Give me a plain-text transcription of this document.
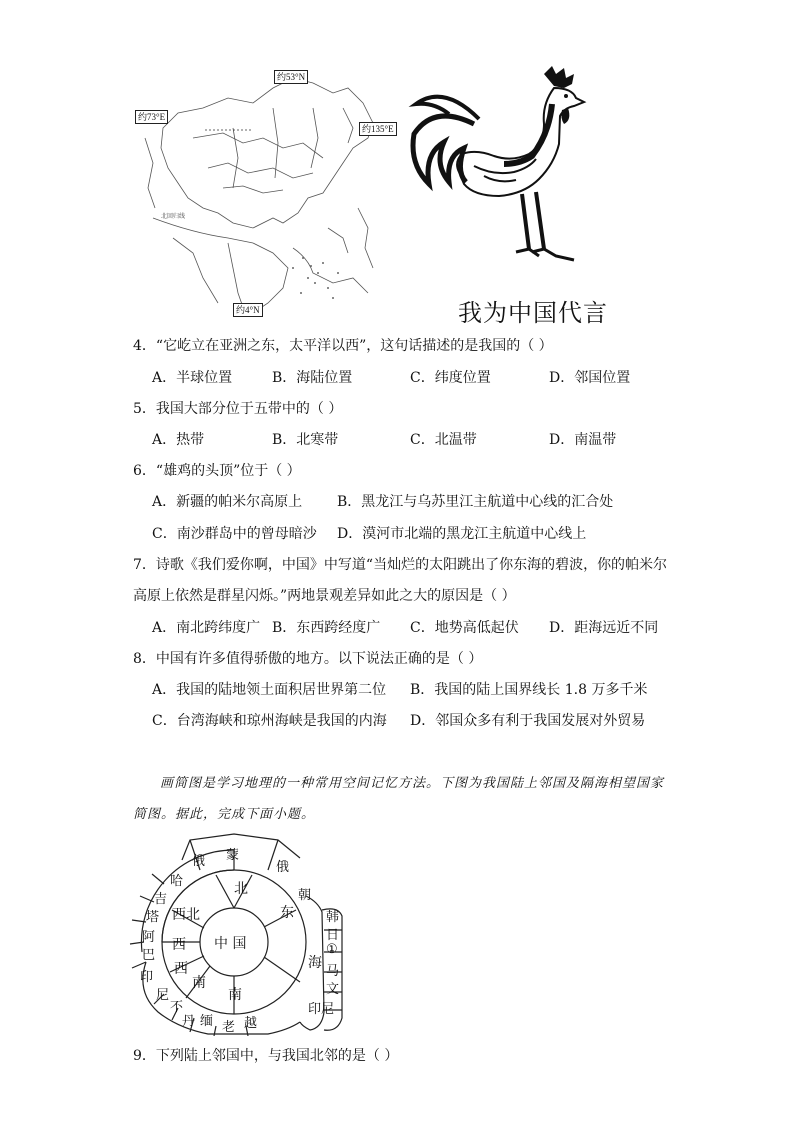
约53°N
约73°E
约135°E
约4°N
北回归线
我为中国代言
4．“它屹立在亚洲之东，太平洋以西”，这句话描述的是我国的（ ）
A．半球位置	B．海陆位置	C．纬度位置	D．邻国位置
5．我国大部分位于五带中的（ ）
A．热带	B．北寒带	C．北温带	D．南温带
6．“雄鸡的头顶”位于（ ）
A．新疆的帕米尔高原上 B．黑龙江与乌苏里江主航道中心线的汇合处
C．南沙群岛中的曾母暗沙 D．漠河市北端的黑龙江主航道中心线上
7．诗歌《我们爱你啊，中国》中写道“当灿烂的太阳跳出了你东海的碧波，你的帕米尔
高原上依然是群星闪烁。”两地景观差异如此之大的原因是（ ）
A．南北跨纬度广 B．东西跨经度广 C．地势高低起伏 D．距海远近不同
8．中国有许多值得骄傲的地方。以下说法正确的是（ ）
A．我国的陆地领土面积居世界第二位 B．我国的陆上国界线长 1.8 万多千米
C．台湾海峡和琼州海峡是我国的内海 D．邻国众多有利于我国发展对外贸易
画简图是学习地理的一种常用空间记忆方法。下图为我国陆上邻国及隔海相望国家
简图。据此，完成下面小题。
中 国
北
东
南
西
西北
西
南
海
蒙
俄	俄
朝
哈
吉
塔
阿
巴
印
尼
不
丹 缅 老 越
韩
日
①
马
文
印尼
9．下列陆上邻国中，与我国北邻的是（ ）
